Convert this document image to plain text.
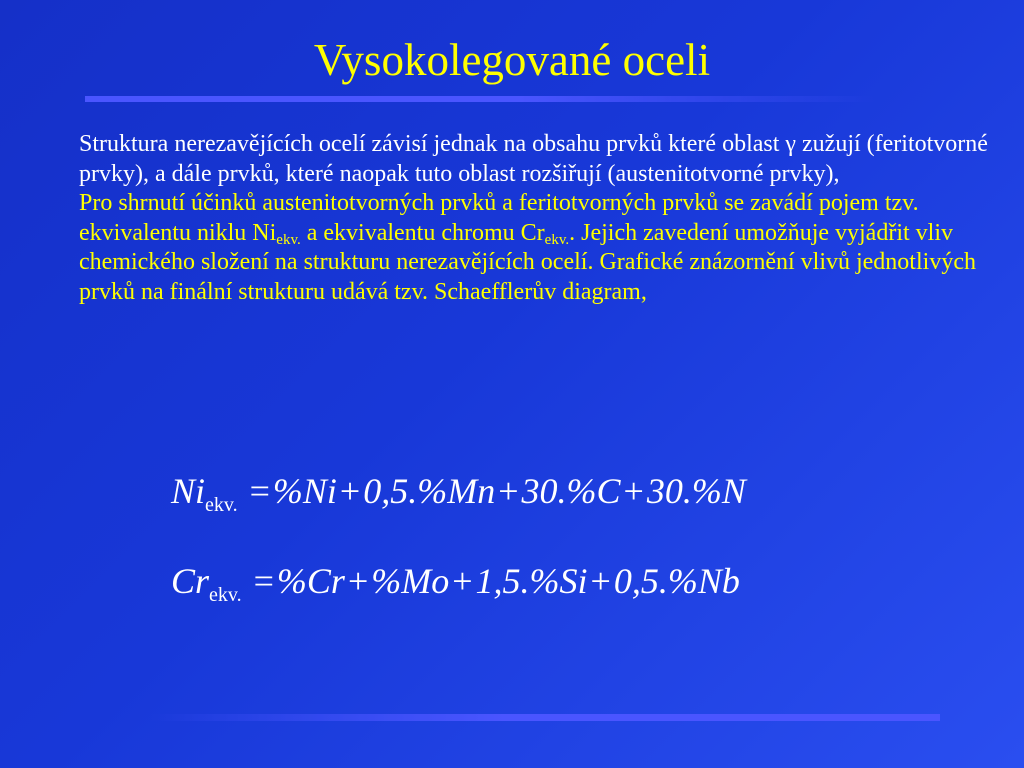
Vysokolegované oceli
Struktura nerezavějících ocelí závisí jednak na obsahu prvků které oblast γ zužují (feritotvorné prvky), a dále prvků, které naopak tuto oblast rozšiřují (austenitotvorné prvky),
Pro shrnutí účinků austenitotvorných prvků a feritotvorných prvků se zavádí pojem tzv. ekvivalentu niklu $Ni_{ekv.}$ a ekvivalentu chromu $Cr_{ekv.}$. Jejich zavedení umožňuje vyjádřit vliv chemického složení na strukturu nerezavějících ocelí. Grafické znázornění vlivů jednotlivých prvků na finální strukturu udává tzv. Schaefflerův diagram,
$Ni_{ekv.} =\%Ni+0,5.\%Mn+30.\%C+30.\%N$
$Cr_{ekv.} =\%Cr+\%Mo+1,5.\%Si+0,5.\%Nb$
